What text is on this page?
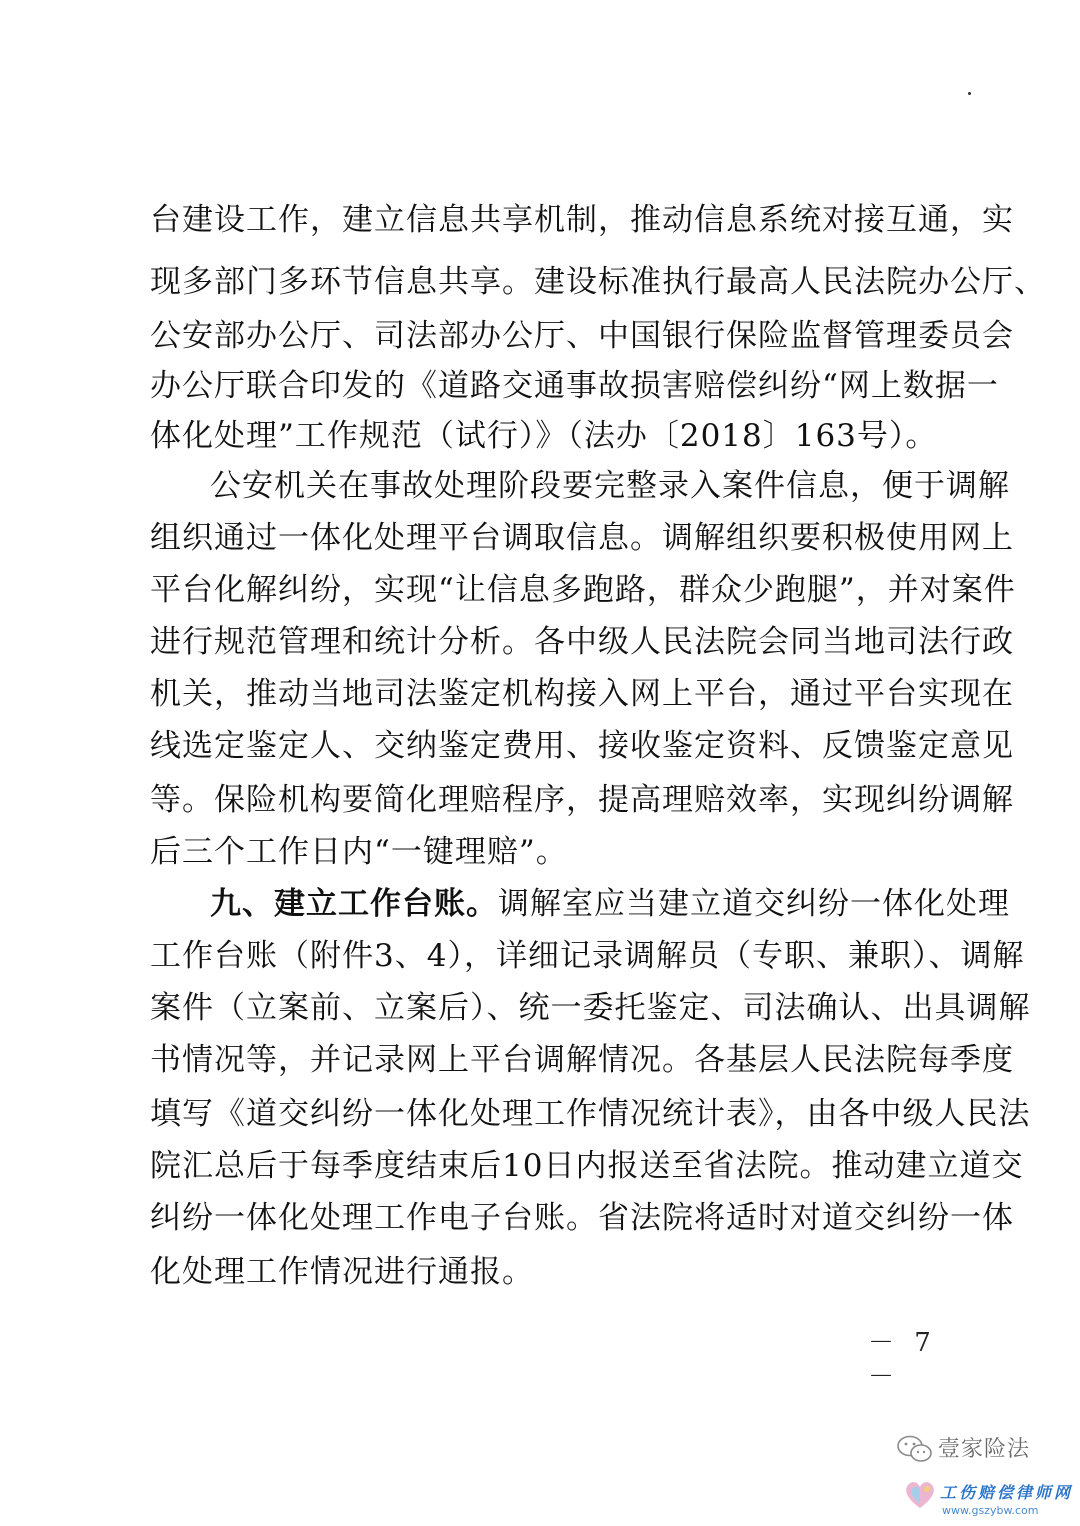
台建设工作，建立信息共享机制，推动信息系统对接互通，实
现多部门多环节信息共享。建设标准执行最高人民法院办公厅、
公安部办公厅、司法部办公厅、中国银行保险监督管理委员会
办公厅联合印发的《道路交通事故损害赔偿纠纷“网上数据一
体化处理”工作规范（试行）》（法办〔2018〕163号）。
公安机关在事故处理阶段要完整录入案件信息，便于调解
组织通过一体化处理平台调取信息。调解组织要积极使用网上
平台化解纠纷，实现“让信息多跑路，群众少跑腿”，并对案件
进行规范管理和统计分析。各中级人民法院会同当地司法行政
机关，推动当地司法鉴定机构接入网上平台，通过平台实现在
线选定鉴定人、交纳鉴定费用、接收鉴定资料、反馈鉴定意见
等。保险机构要简化理赔程序，提高理赔效率，实现纠纷调解
后三个工作日内“一键理赔”。
九、建立工作台账。调解室应当建立道交纠纷一体化处理
工作台账（附件3、4），详细记录调解员（专职、兼职）、调解
案件（立案前、立案后）、统一委托鉴定、司法确认、出具调解
书情况等，并记录网上平台调解情况。各基层人民法院每季度
填写《道交纠纷一体化处理工作情况统计表》，由各中级人民法
院汇总后于每季度结束后10日内报送至省法院。推动建立道交
纠纷一体化处理工作电子台账。省法院将适时对道交纠纷一体
化处理工作情况进行通报。
－ 7 －
壹家险法
工伤赔偿律师网
www.gszybw.com
